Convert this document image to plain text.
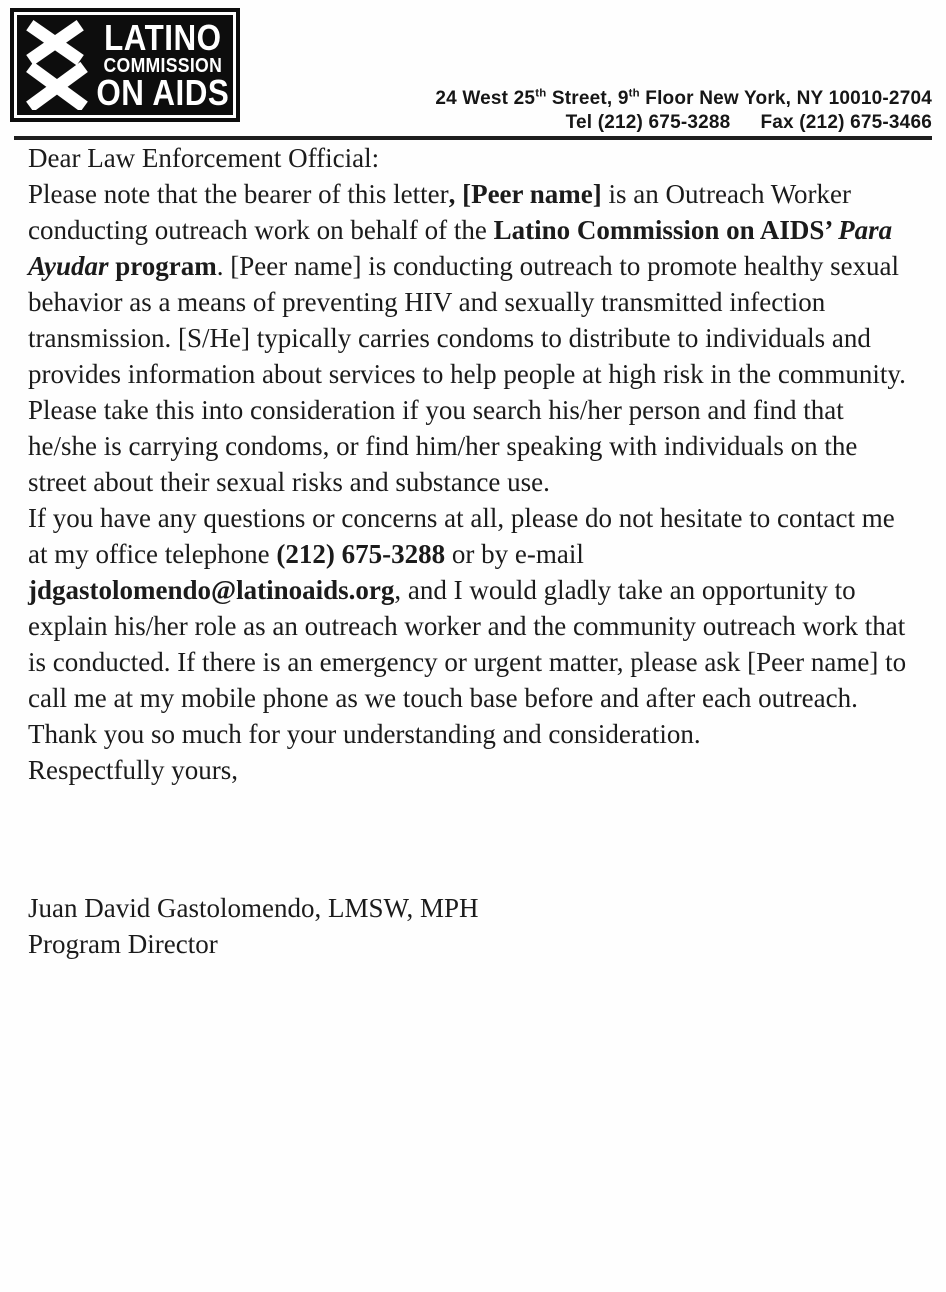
LATINO
COMMISSION
ON AIDS	24 West 25th Street, 9th Floor New York, NY 10010-2704
Tel (212) 675-3288 Fax (212) 675-3466

Dear Law Enforcement Official:

Please note that the bearer of this letter, [Peer name] is an Outreach Worker conducting outreach work on behalf of the Latino Commission on AIDS’ Para Ayudar program. [Peer name] is conducting outreach to promote healthy sexual behavior as a means of preventing HIV and sexually transmitted infection transmission. [S/He] typically carries condoms to distribute to individuals and provides information about services to help people at high risk in the community. Please take this into consideration if you search his/her person and find that he/she is carrying condoms, or find him/her speaking with individuals on the street about their sexual risks and substance use.

If you have any questions or concerns at all, please do not hesitate to contact me at my office telephone (212) 675-3288 or by e-mail jdgastolomendo@latinoaids.org, and I would gladly take an opportunity to explain his/her role as an outreach worker and the community outreach work that is conducted. If there is an emergency or urgent matter, please ask [Peer name] to call me at my mobile phone as we touch base before and after each outreach.

Thank you so much for your understanding and consideration.

Respectfully yours,

Juan David Gastolomendo, LMSW, MPH
Program Director
